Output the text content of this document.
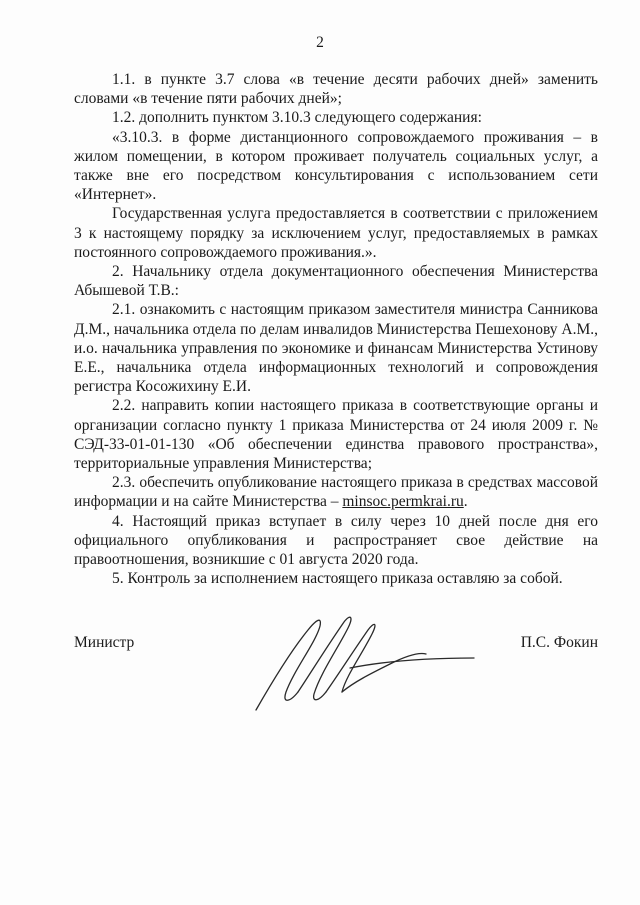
2

1.1. в пункте 3.7 слова «в течение десяти рабочих дней» заменить словами «в течение пяти рабочих дней»;

1.2. дополнить пунктом 3.10.3 следующего содержания:

«3.10.3. в форме дистанционного сопровождаемого проживания – в жилом помещении, в котором проживает получатель социальных услуг, а также вне его посредством консультирования с использованием сети «Интернет».

Государственная услуга предоставляется в соответствии с приложением 3 к настоящему порядку за исключением услуг, предоставляемых в рамках постоянного сопровождаемого проживания.».

2. Начальнику отдела документационного обеспечения Министерства Абышевой Т.В.:

2.1. ознакомить с настоящим приказом заместителя министра Санникова Д.М., начальника отдела по делам инвалидов Министерства Пешехонову А.М., и.о. начальника управления по экономике и финансам Министерства Устинову Е.Е., начальника отдела информационных технологий и сопровождения регистра Косожихину Е.И.

2.2. направить копии настоящего приказа в соответствующие органы и организации согласно пункту 1 приказа Министерства от 24 июля 2009 г. № СЭД-33-01-01-130 «Об обеспечении единства правового пространства», территориальные управления Министерства;

2.3. обеспечить опубликование настоящего приказа в средствах массовой информации и на сайте Министерства – minsoc.permkrai.ru.

4. Настоящий приказ вступает в силу через 10 дней после дня его официального опубликования и распространяет свое действие на правоотношения, возникшие с 01 августа 2020 года.

5. Контроль за исполнением настоящего приказа оставляю за собой.

Министр	П.С. Фокин
